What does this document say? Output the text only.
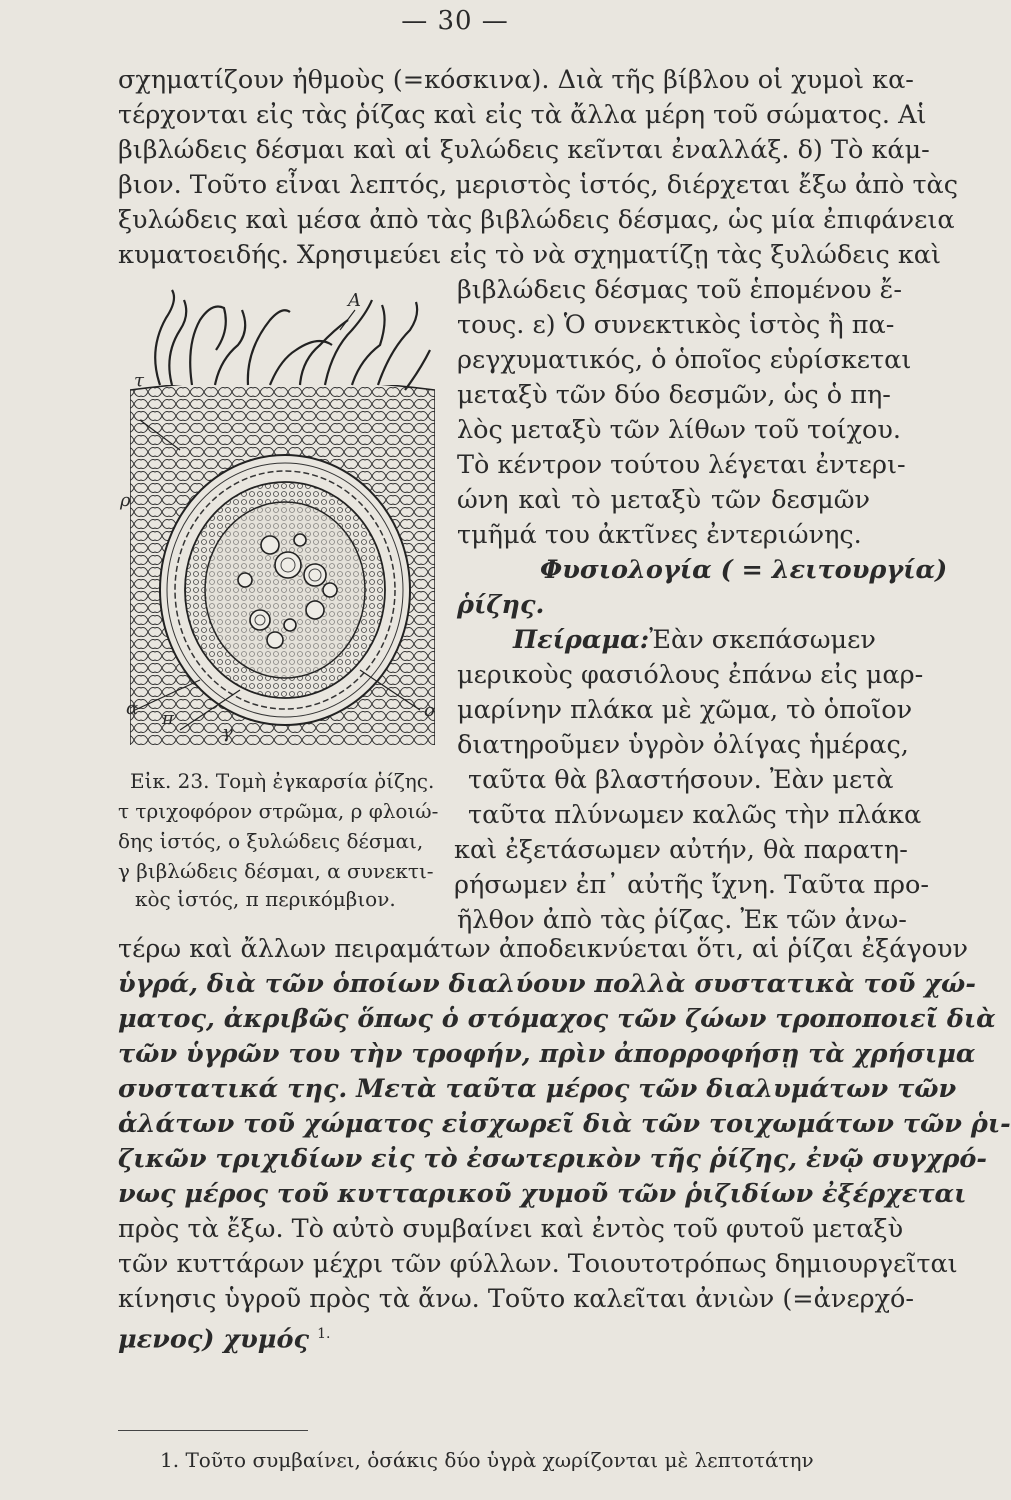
— 30 —
σχηματίζουν ἠθμοὺς (=κόσκινα). Διὰ τῆς βίβλου οἱ χυμοὶ κα-
τέρχονται εἰς τὰς ῥίζας καὶ εἰς τὰ ἄλλα μέρη τοῦ σώματος. Αἱ
βιβλώδεις δέσμαι καὶ αἱ ξυλώδεις κεῖνται ἐναλλάξ. δ) Τὸ κάμ-
βιον. Τοῦτο εἶναι λεπτός, μεριστὸς ἱστός, διέρχεται ἔξω ἀπὸ τὰς
ξυλώδεις καὶ μέσα ἀπὸ τὰς βιβλώδεις δέσμας, ὡς μία ἐπιφάνεια
κυματοειδής. Χρησιμεύει εἰς τὸ νὰ σχηματίζῃ τὰς ξυλώδεις καὶ
βιβλώδεις δέσμας τοῦ ἑπομένου ἔ-
τους. ε) Ὁ συνεκτικὸς ἱστὸς ἢ πα-
ρεγχυματικός, ὁ ὁποῖος εὑρίσκεται
μεταξὺ τῶν δύο δεσμῶν, ὡς ὁ πη-
λὸς μεταξὺ τῶν λίθων τοῦ τοίχου.
Τὸ κέντρον τούτου λέγεται ἐντερι-
ώνη καὶ τὸ μεταξὺ τῶν δεσμῶν
τμῆμά του ἀκτῖνες ἐντεριώνης.
Φυσιολογία ( = λειτουργία)
ῥίζης.
Πείραμα: Ἐὰν σκεπάσωμεν
μερικοὺς φασιόλους ἐπάνω εἰς μαρ-
μαρίνην πλάκα μὲ χῶμα, τὸ ὁποῖον
διατηροῦμεν ὑγρὸν ὀλίγας ἡμέρας,
ταῦτα θὰ βλαστήσουν. Ἐὰν μετὰ
ταῦτα πλύνωμεν καλῶς τὴν πλάκα
καὶ ἐξετάσωμεν αὐτήν, θὰ παρατη-
ρήσωμεν ἐπ᾽ αὐτῆς ἴχνη. Ταῦτα προ-
ῆλθον ἀπὸ τὰς ῥίζας. Ἐκ τῶν ἀνω-
Εἰκ. 23. Τομὴ ἐγκαρσία ῥίζης.
τ τριχοφόρον στρῶμα, ρ φλοιώ-
δης ἱστός, ο ξυλώδεις δέσμαι,
γ βιβλώδεις δέσμαι, α συνεκτι-
κὸς ἱστός, π περικόμβιον.
A
τ
ρ
α π
γ
ο
τέρω καὶ ἄλλων πειραμάτων ἀποδεικνύεται ὅτι, αἱ ῥίζαι ἐξάγουν
ὑγρά, διὰ τῶν ὁποίων διαλύουν πολλὰ συστατικὰ τοῦ χώ-
ματος, ἀκριβῶς ὅπως ὁ στόμαχος τῶν ζώων τροποποιεῖ διὰ
τῶν ὑγρῶν του τὴν τροφήν, πρὶν ἀπορροφήσῃ τὰ χρήσιμα
συστατικά της. Μετὰ ταῦτα μέρος τῶν διαλυμάτων τῶν
ἁλάτων τοῦ χώματος εἰσχωρεῖ διὰ τῶν τοιχωμάτων τῶν ῥι-
ζικῶν τριχιδίων εἰς τὸ ἐσωτερικὸν τῆς ῥίζης, ἐνῷ συγχρό-
νως μέρος τοῦ κυτταρικοῦ χυμοῦ τῶν ῥιζιδίων ἐξέρχεται
πρὸς τὰ ἔξω. Τὸ αὐτὸ συμβαίνει καὶ ἐντὸς τοῦ φυτοῦ μεταξὺ
τῶν κυττάρων μέχρι τῶν φύλλων. Τοιουτοτρόπως δημιουργεῖται
κίνησις ὑγροῦ πρὸς τὰ ἄνω. Τοῦτο καλεῖται ἀνιὼν (=ἀνερχό-
μενος) χυμός $^{1.}$
1. Τοῦτο συμβαίνει, ὁσάκις δύο ὑγρὰ χωρίζονται μὲ λεπτοτάτην
